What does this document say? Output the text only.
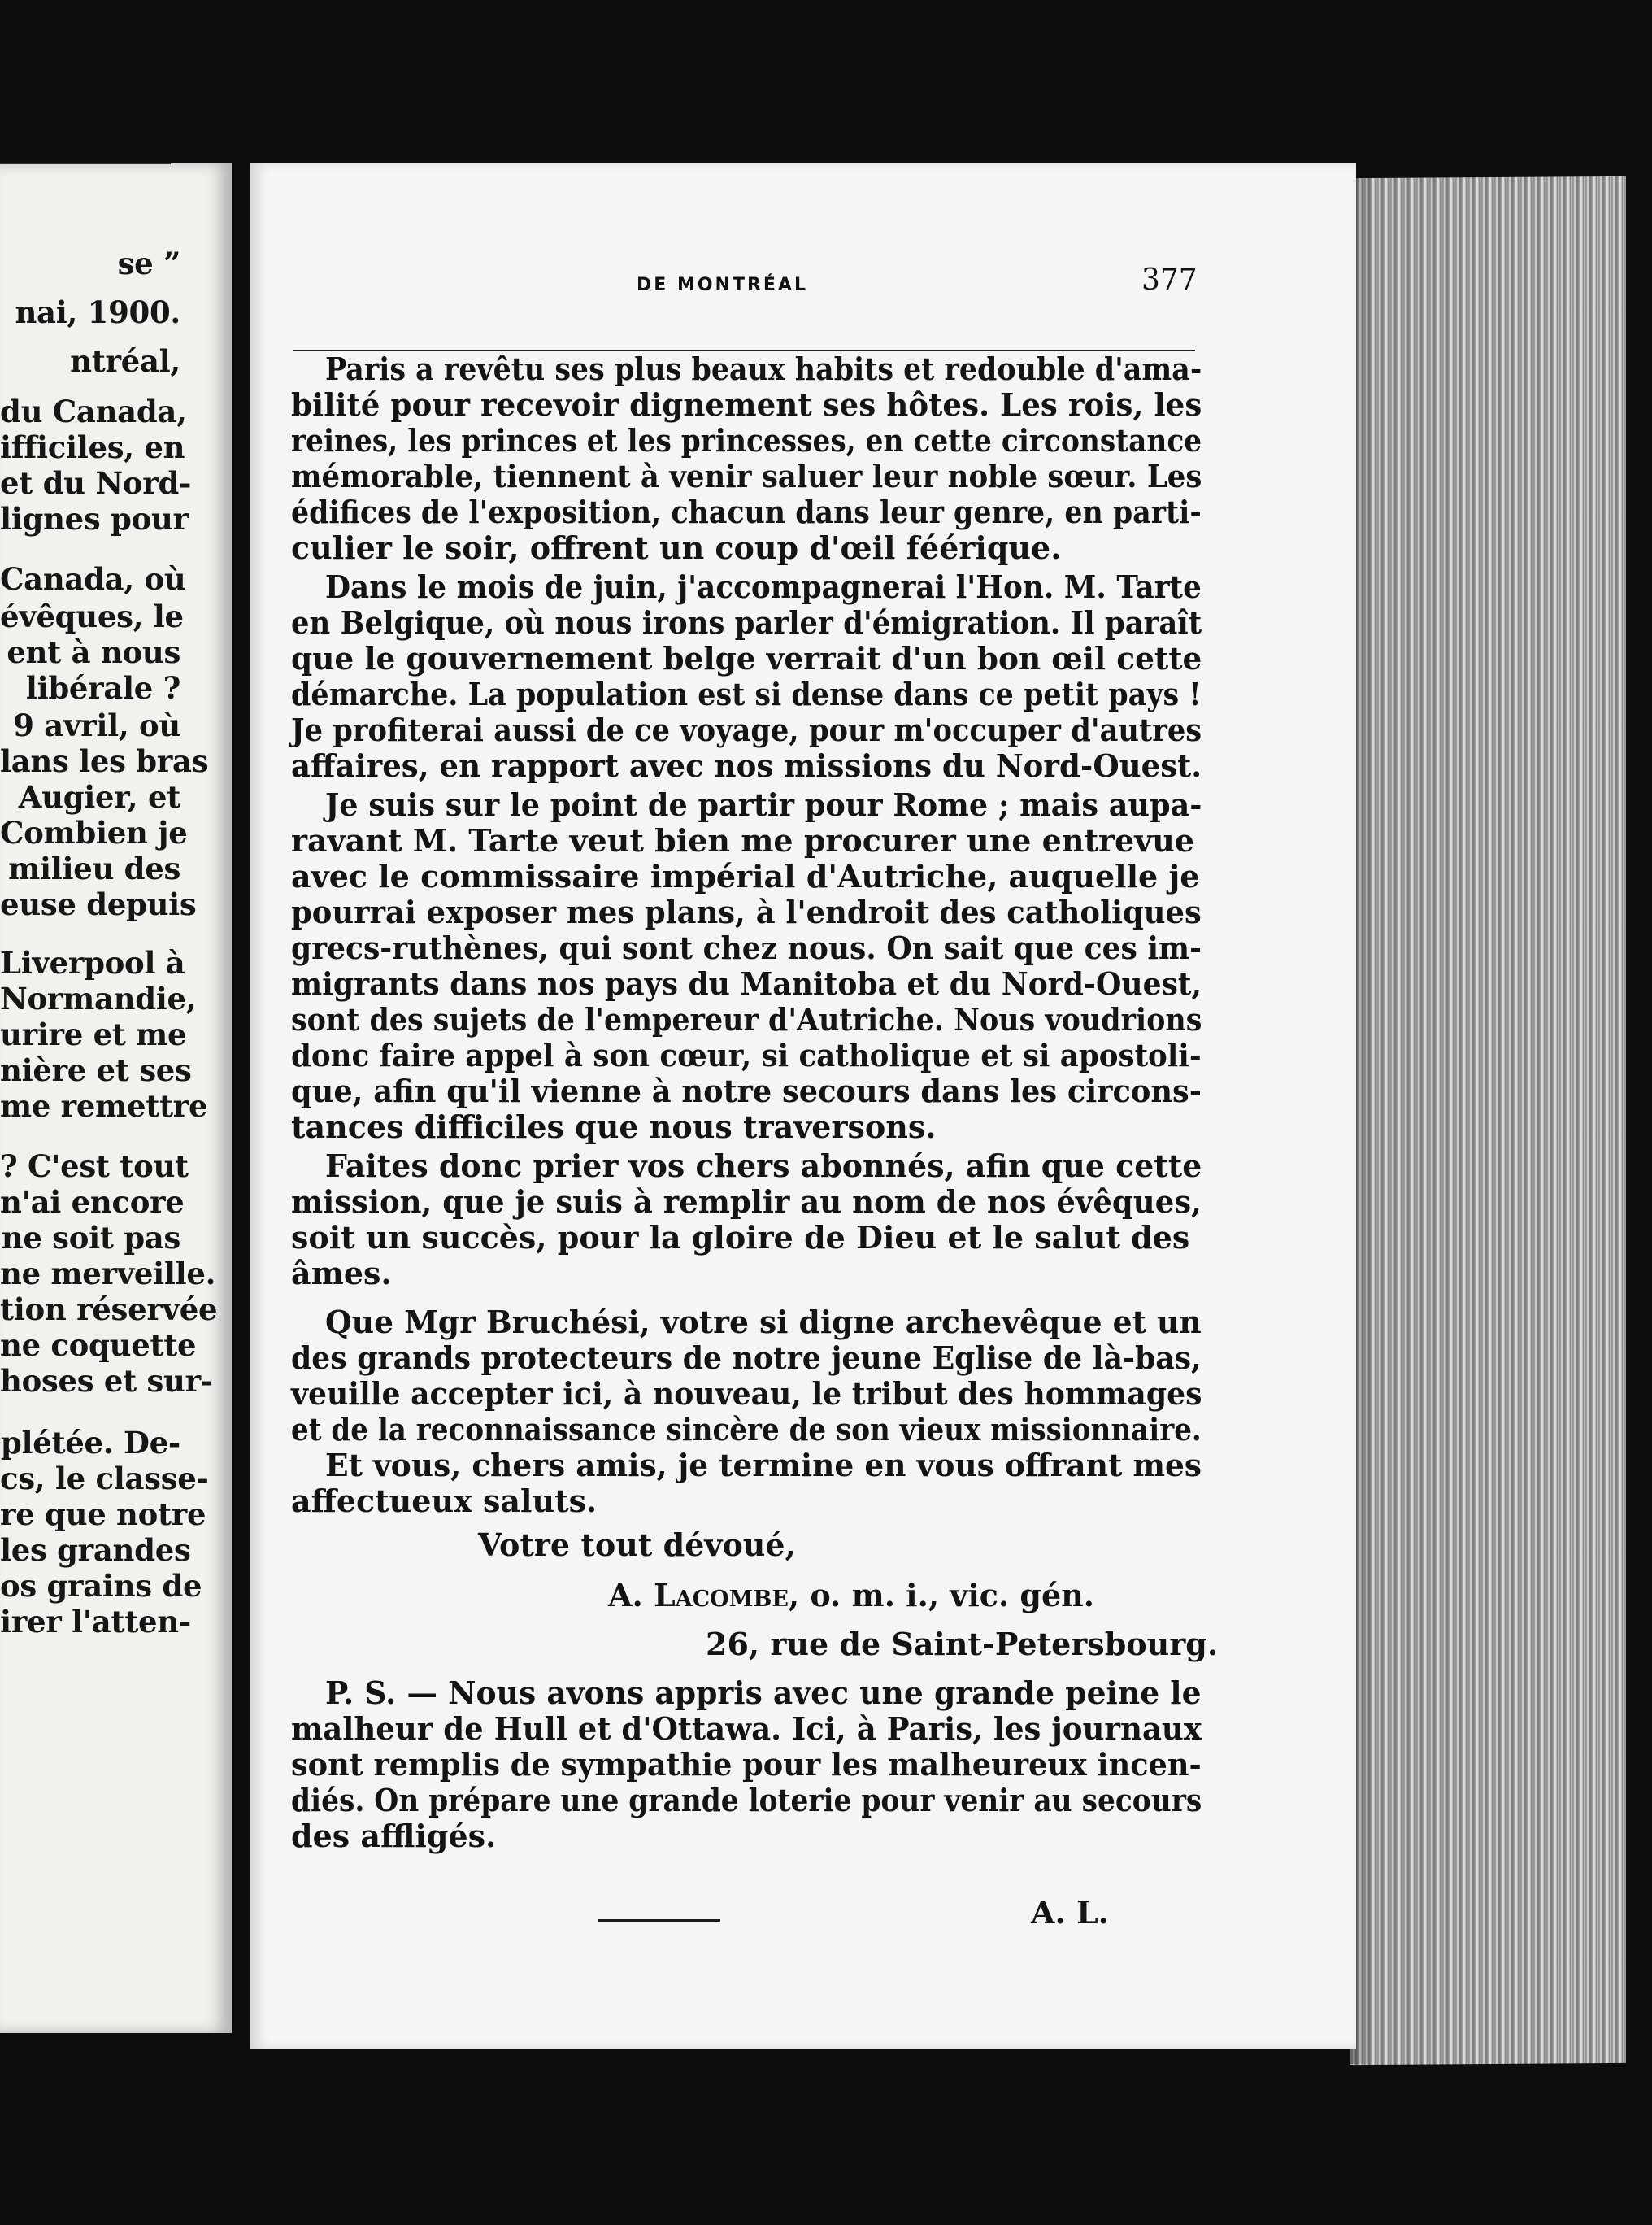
se ”

nai, 1900.

ntréal,

du Canada,

ifficiles, en

et du Nord-

lignes pour

Canada, où

évêques, le

ent à nous

libérale ?

9 avril, où

lans les bras

Augier, et

Combien je

milieu des

euse depuis

Liverpool à

Normandie,

urire et me

nière et ses

me remettre

? C'est tout

n'ai encore

ne soit pas

ne merveille.

tion réservée

ne coquette

hoses et sur-

plétée. De-

cs, le classe-

re que notre

les grandes

os grains de

irer l'atten-

DE MONTRÉAL	377

Paris a revêtu ses plus beaux habits et redouble d'ama-

bilité pour recevoir dignement ses hôtes. Les rois, les

reines, les princes et les princesses, en cette circonstance

mémorable, tiennent à venir saluer leur noble sœur. Les

édifices de l'exposition, chacun dans leur genre, en parti-

culier le soir, offrent un coup d'œil féérique.

Dans le mois de juin, j'accompagnerai l'Hon. M. Tarte

en Belgique, où nous irons parler d'émigration. Il paraît

que le gouvernement belge verrait d'un bon œil cette

démarche. La population est si dense dans ce petit pays !

Je profiterai aussi de ce voyage, pour m'occuper d'autres

affaires, en rapport avec nos missions du Nord-Ouest.

Je suis sur le point de partir pour Rome ; mais aupa-

ravant M. Tarte veut bien me procurer une entrevue

avec le commissaire impérial d'Autriche, auquelle je

pourrai exposer mes plans, à l'endroit des catholiques

grecs-ruthènes, qui sont chez nous. On sait que ces im-

migrants dans nos pays du Manitoba et du Nord-Ouest,

sont des sujets de l'empereur d'Autriche. Nous voudrions

donc faire appel à son cœur, si catholique et si apostoli-

que, afin qu'il vienne à notre secours dans les circons-

tances difficiles que nous traversons.

Faites donc prier vos chers abonnés, afin que cette

mission, que je suis à remplir au nom de nos évêques,

soit un succès, pour la gloire de Dieu et le salut des

âmes.

Que Mgr Bruchési, votre si digne archevêque et un

des grands protecteurs de notre jeune Eglise de là-bas,

veuille accepter ici, à nouveau, le tribut des hommages

et de la reconnaissance sincère de son vieux missionnaire.

Et vous, chers amis, je termine en vous offrant mes

affectueux saluts.

Votre tout dévoué,

A. Lacombe, o. m. i., vic. gén.

26, rue de Saint-Petersbourg.

P. S. — Nous avons appris avec une grande peine le

malheur de Hull et d'Ottawa. Ici, à Paris, les journaux

sont remplis de sympathie pour les malheureux incen-

diés. On prépare une grande loterie pour venir au secours

des affligés.

A. L.
